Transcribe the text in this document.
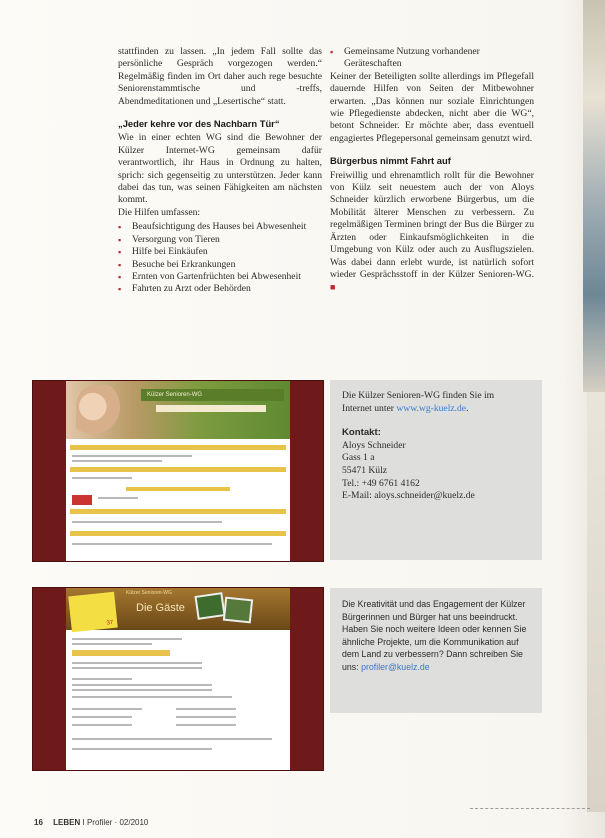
stattfinden zu lassen. „In jedem Fall sollte das persönliche Gespräch vorgezogen werden.“ Regelmäßig finden im Ort daher auch rege besuchte Seniorenstammtische und -treffs, Abendmeditationen und „Lesertische“ statt.

„Jeder kehre vor des Nachbarn Tür“

Wie in einer echten WG sind die Bewohner der Külzer Internet-WG gemeinsam dafür verantwortlich, ihr Haus in Ordnung zu halten, sprich: sich gegenseitig zu unterstützen. Jeder kann dabei das tun, was seinen Fähigkeiten am nächsten kommt.

Die Hilfen umfassen:

▪ Beaufsichtigung des Hauses bei Abwesenheit
▪ Versorgung von Tieren
▪ Hilfe bei Einkäufen
▪ Besuche bei Erkrankungen
▪ Ernten von Gartenfrüchten bei Abwesenheit
▪ Fahrten zu Arzt oder Behörden
▪ Gemeinsame Nutzung vorhandener Geräteschaften

Keiner der Beteiligten sollte allerdings im Pflegefall dauernde Hilfen von Seiten der Mitbewohner erwarten. „Das können nur soziale Einrichtungen wie Pflegedienste abdecken, nicht aber die WG“, betont Schneider. Er möchte aber, dass eventuell engagiertes Pflegepersonal gemeinsam genutzt wird.

Bürgerbus nimmt Fahrt auf

Freiwillig und ehrenamtlich rollt für die Bewohner von Külz seit neuestem auch der von Aloys Schneider kürzlich erworbene Bürgerbus, um die Mobilität älterer Menschen zu verbessern. Zu regelmäßigen Terminen bringt der Bus die Bürger zu Ärzten oder Einkaufsmöglichkeiten in die Umgebung von Külz oder auch zu Ausflugszielen. Was dabei dann erlebt wurde, ist natürlich sofort wieder Gesprächsstoff in der Külzer Senioren-WG. ■

Külzer Senioren-WG
37
Külzer Senioren-WG
Die Gäste

Die Külzer Senioren-WG finden Sie im

Internet unter www.wg-kuelz.de.

Kontakt:

Aloys Schneider

Gass 1 a

55471 Külz

Tel.: +49 6761 4162

E-Mail: aloys.schneider@kuelz.de

Die Kreativität und das Engagement der Külzer Bürgerinnen und Bürger hat uns beeindruckt. Haben Sie noch weitere Ideen oder kennen Sie ähnliche Projekte, um die Kommunikation auf dem Land zu verbessern? Dann schreiben Sie uns: profiler@kuelz.de
16 LEBEN I Profiler · 02/2010
